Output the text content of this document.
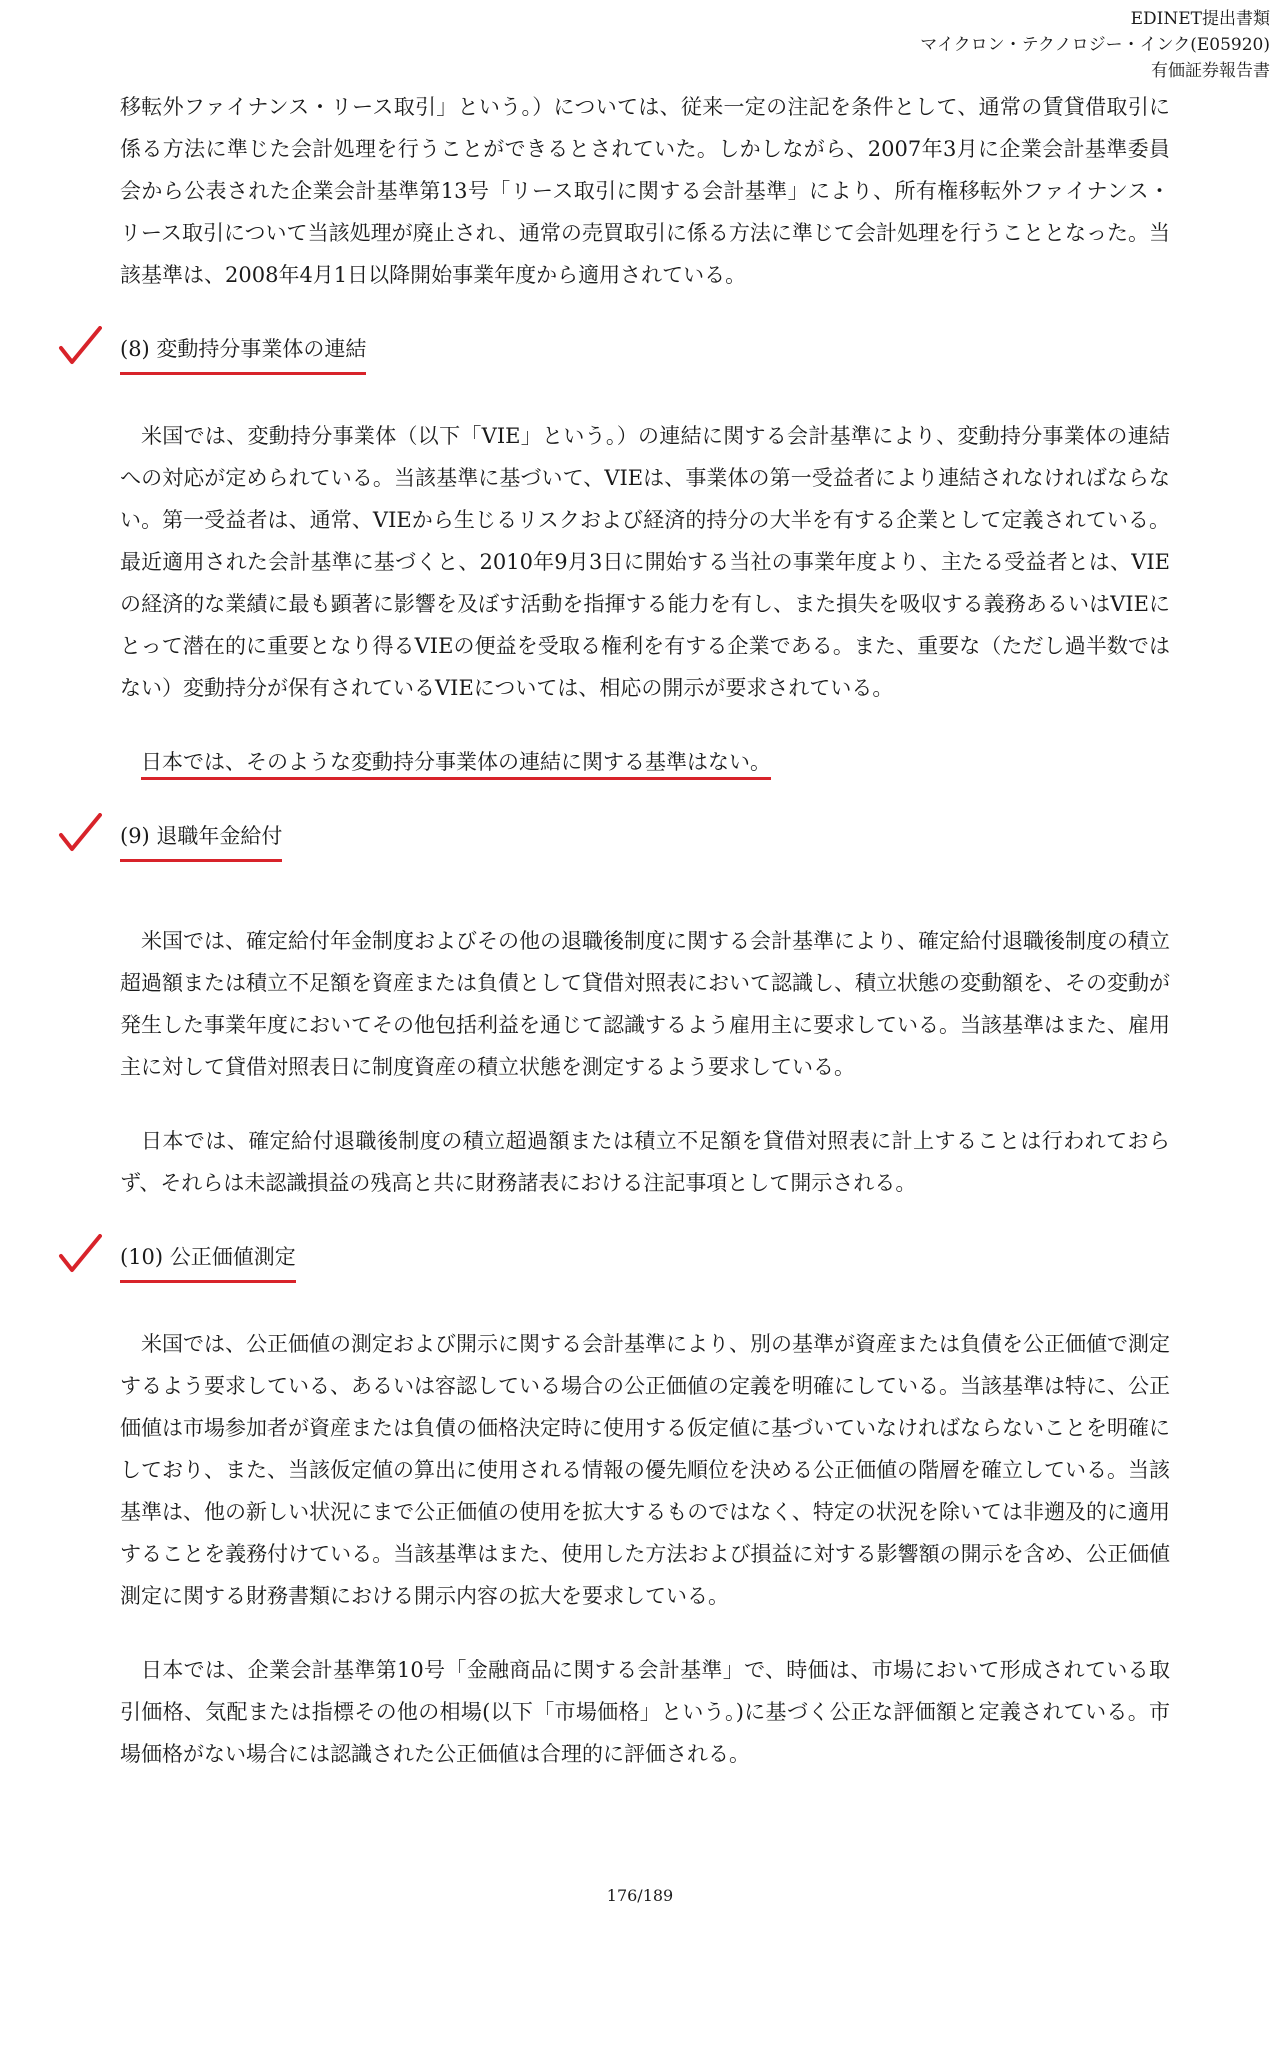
EDINET提出書類
マイクロン・テクノロジー・インク(E05920)
有価証券報告書

移転外ファイナンス・リース取引」という。）については、従来一定の注記を条件として、通常の賃貸借取引に係る方法に準じた会計処理を行うことができるとされていた。しかしながら、2007年3月に企業会計基準委員会から公表された企業会計基準第13号「リース取引に関する会計基準」により、所有権移転外ファイナンス・リース取引について当該処理が廃止され、通常の売買取引に係る方法に準じて会計処理を行うこととなった。当該基準は、2008年4月1日以降開始事業年度から適用されている。

(8) 変動持分事業体の連結

米国では、変動持分事業体（以下「VIE」という。）の連結に関する会計基準により、変動持分事業体の連結への対応が定められている。当該基準に基づいて、VIEは、事業体の第一受益者により連結されなければならない。第一受益者は、通常、VIEから生じるリスクおよび経済的持分の大半を有する企業として定義されている。最近適用された会計基準に基づくと、2010年9月3日に開始する当社の事業年度より、主たる受益者とは、VIEの経済的な業績に最も顕著に影響を及ぼす活動を指揮する能力を有し、また損失を吸収する義務あるいはVIEにとって潜在的に重要となり得るVIEの便益を受取る権利を有する企業である。また、重要な（ただし過半数ではない）変動持分が保有されているVIEについては、相応の開示が要求されている。

日本では、そのような変動持分事業体の連結に関する基準はない。

(9) 退職年金給付

米国では、確定給付年金制度およびその他の退職後制度に関する会計基準により、確定給付退職後制度の積立超過額または積立不足額を資産または負債として貸借対照表において認識し、積立状態の変動額を、その変動が発生した事業年度においてその他包括利益を通じて認識するよう雇用主に要求している。当該基準はまた、雇用主に対して貸借対照表日に制度資産の積立状態を測定するよう要求している。

日本では、確定給付退職後制度の積立超過額または積立不足額を貸借対照表に計上することは行われておらず、それらは未認識損益の残高と共に財務諸表における注記事項として開示される。

(10) 公正価値測定

米国では、公正価値の測定および開示に関する会計基準により、別の基準が資産または負債を公正価値で測定するよう要求している、あるいは容認している場合の公正価値の定義を明確にしている。当該基準は特に、公正価値は市場参加者が資産または負債の価格決定時に使用する仮定値に基づいていなければならないことを明確にしており、また、当該仮定値の算出に使用される情報の優先順位を決める公正価値の階層を確立している。当該基準は、他の新しい状況にまで公正価値の使用を拡大するものではなく、特定の状況を除いては非遡及的に適用することを義務付けている。当該基準はまた、使用した方法および損益に対する影響額の開示を含め、公正価値測定に関する財務書類における開示内容の拡大を要求している。

日本では、企業会計基準第10号「金融商品に関する会計基準」で、時価は、市場において形成されている取引価格、気配または指標その他の相場(以下「市場価格」という。)に基づく公正な評価額と定義されている。市場価格がない場合には認識された公正価値は合理的に評価される。

176/189
